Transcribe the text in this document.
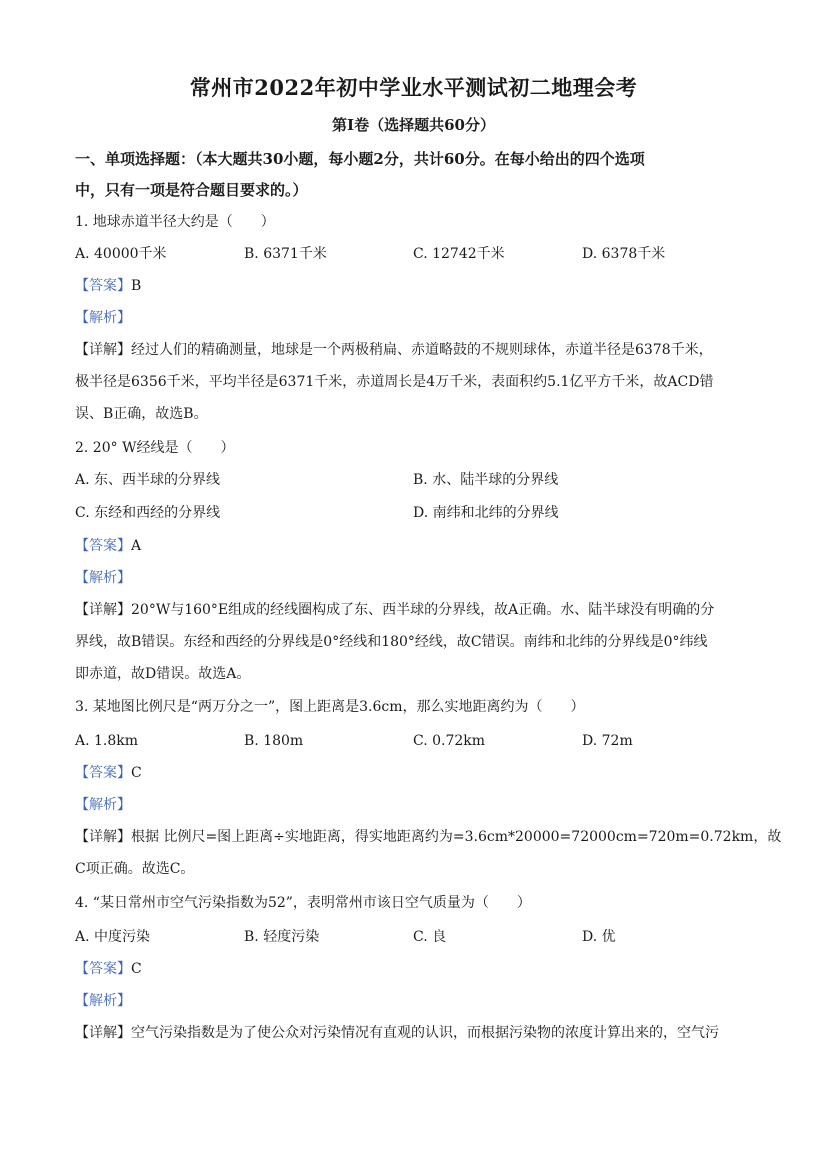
常州市2022年初中学业水平测试初二地理会考
第Ⅰ卷（选择题共60分）
一、单项选择题：（本大题共30小题，每小题2分，共计60分。在每小给出的四个选项
中，只有一项是符合题目要求的。）
1. 地球赤道半径大约是（　　）
A. 40000千米	B. 6371千米	C. 12742千米	D. 6378千米
【答案】B
【解析】
【详解】经过人们的精确测量，地球是一个两极稍扁、赤道略鼓的不规则球体，赤道半径是6378千米，
极半径是6356千米，平均半径是6371千米，赤道周长是4万千米，表面积约5.1亿平方千米，故ACD错
误、B正确，故选B。
2. 20° W经线是（　　）
A. 东、西半球的分界线	B. 水、陆半球的分界线
C. 东经和西经的分界线	D. 南纬和北纬的分界线
【答案】A
【解析】
【详解】20°W与160°E组成的经线圈构成了东、西半球的分界线，故A正确。水、陆半球没有明确的分
界线，故B错误。东经和西经的分界线是0°经线和180°经线，故C错误。南纬和北纬的分界线是0°纬线
即赤道，故D错误。故选A。
3. 某地图比例尺是“两万分之一”，图上距离是3.6cm，那么实地距离约为（　　）
A. 1.8km	B. 180m	C. 0.72km	D. 72m
【答案】C
【解析】
【详解】根据 比例尺=图上距离÷实地距离，得实地距离约为=3.6cm*20000=72000cm=720m=0.72km，故
C项正确。故选C。
4. “某日常州市空气污染指数为52”，表明常州市该日空气质量为（　　）
A. 中度污染	B. 轻度污染	C. 良	D. 优
【答案】C
【解析】
【详解】空气污染指数是为了使公众对污染情况有直观的认识，而根据污染物的浓度计算出来的，空气污
